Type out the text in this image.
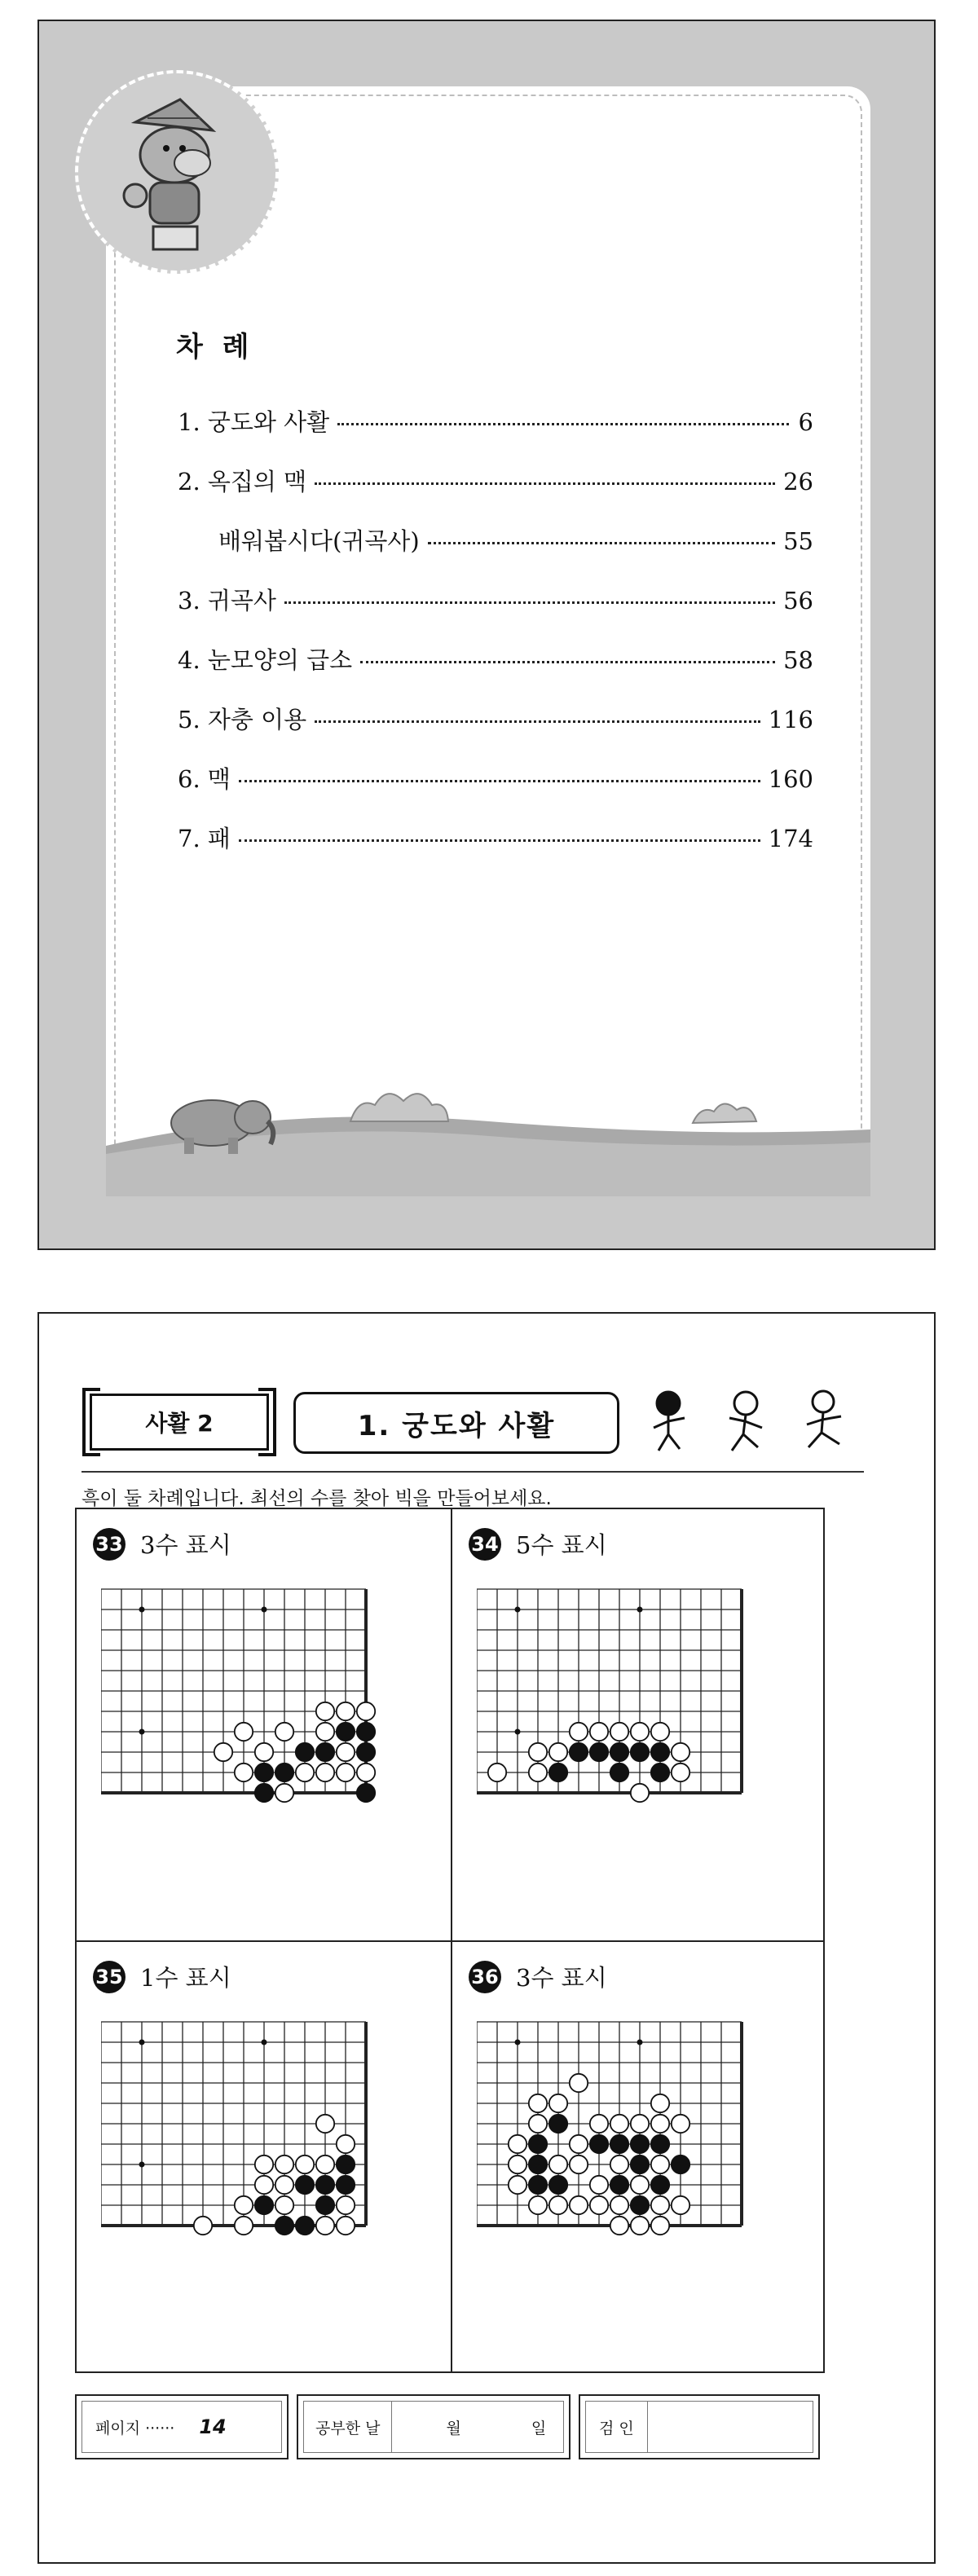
차 례
1. 궁도와 사활	6
2. 옥집의 맥	26
배워봅시다(귀곡사)	55
3. 귀곡사	56
4. 눈모양의 급소	58
5. 자충 이용	116
6. 맥	160
7. 패	174
사활 2	1. 궁도와 사활
흑이 둘 차례입니다. 최선의 수를 찾아 빅을 만들어보세요.
33 3수 표시	34 5수 표시
35 1수 표시	36 3수 표시
페이지 ······ 14	공부한 날	월	일	검 인
